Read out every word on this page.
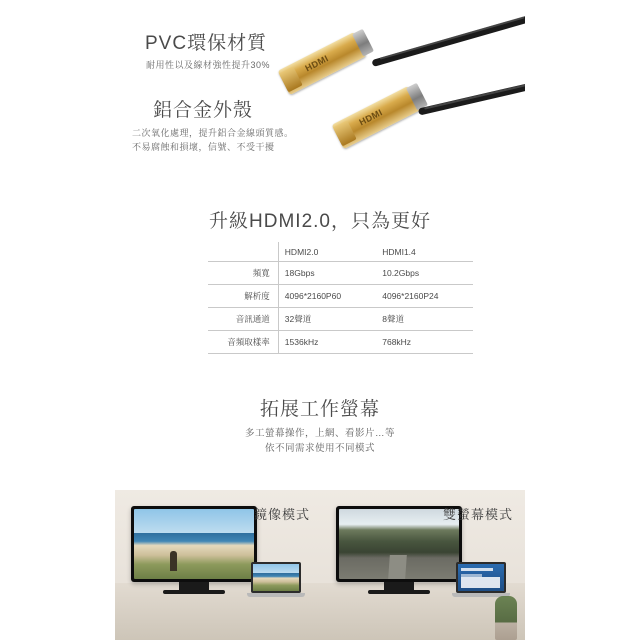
HDMI
HDMI
PVC環保材質
耐用性以及線材強性提升30%
鋁合金外殼
二次氧化處理，提升鋁合金線頭質感。
不易腐蝕和損壞，信號、不受干擾
升級HDMI2.0，只為更好
	HDMI2.0	HDMI1.4
頻寬	18Gbps	10.2Gbps
解析度	4096*2160P60	4096*2160P24
音訊通道	32聲道	8聲道
音頻取樣率	1536kHz	768kHz
拓展工作螢幕
多工螢幕操作，上網、看影片…等
依不同需求使用不同模式
鏡像模式	雙螢幕模式
